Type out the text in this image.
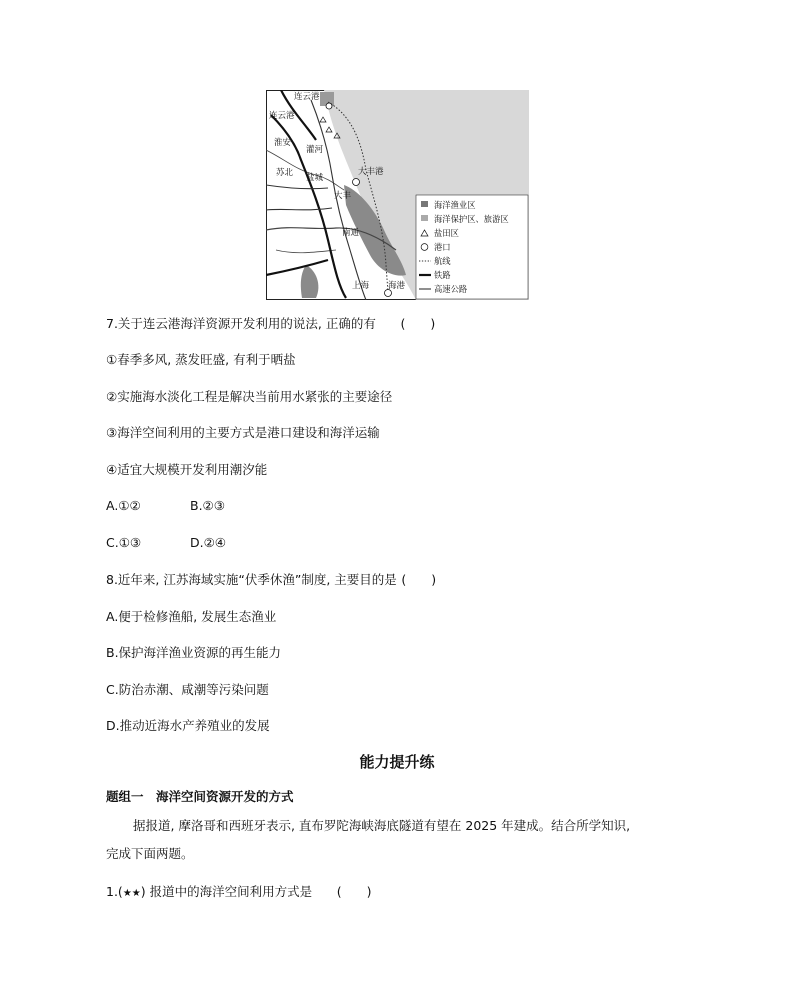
连云港
连云港
灌河
淮安
苏北 盐城
大丰港
大丰
南通
上海 海港
海洋渔业区
海洋保护区、旅游区
盐田区
港口
航线
铁路
高速公路
7.关于连云港海洋资源开发利用的说法, 正确的有 (　　)
①春季多风, 蒸发旺盛, 有利于晒盐
②实施海水淡化工程是解决当前用水紧张的主要途径
③海洋空间利用的主要方式是港口建设和海洋运输
④适宜大规模开发利用潮汐能
A.①②	B.②③
C.①③	D.②④
8.近年来, 江苏海域实施“伏季休渔”制度, 主要目的是 (　　)
A.便于检修渔船, 发展生态渔业
B.保护海洋渔业资源的再生能力
C.防治赤潮、咸潮等污染问题
D.推动近海水产养殖业的发展
能力提升练
题组一　海洋空间资源开发的方式
据报道, 摩洛哥和西班牙表示, 直布罗陀海峡海底隧道有望在 2025 年建成。结合所学知识,
完成下面两题。
1.(★★) 报道中的海洋空间利用方式是 (　　)
